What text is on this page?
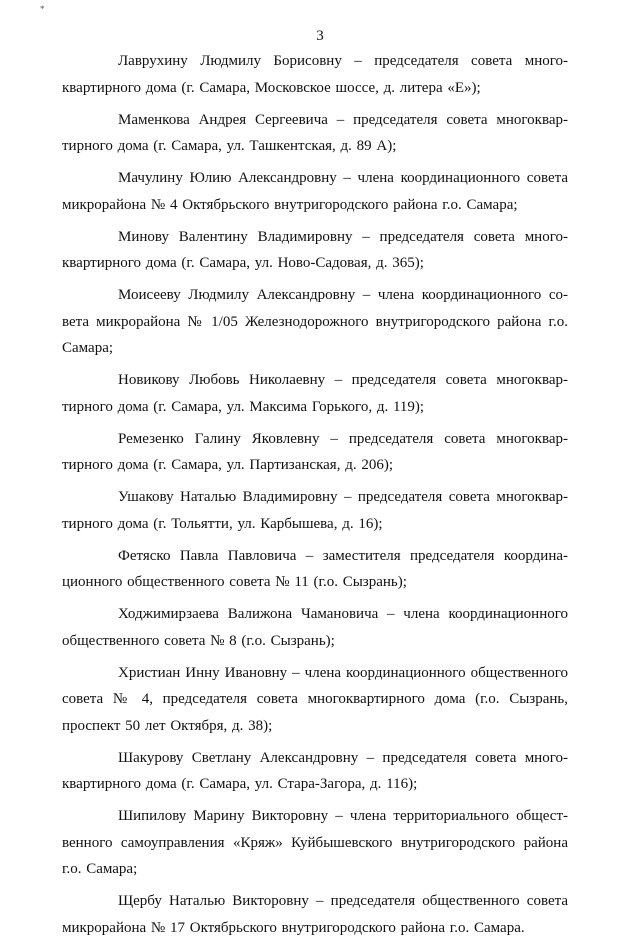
*
3

Лаврухину Людмилу Борисовну – председателя совета много-квартирного дома (г. Самара, Московское шоссе, д. литера «Е»);

Маменкова Андрея Сергеевича – председателя совета многоквар-тирного дома (г. Самара, ул. Ташкентская, д. 89 А);

Мачулину Юлию Александровну – члена координационного совета микрорайона № 4 Октябрьского внутригородского района г.о. Самара;

Минову Валентину Владимировну – председателя совета много-квартирного дома (г. Самара, ул. Ново-Садовая, д. 365);

Моисееву Людмилу Александровну – члена координационного со-вета микрорайона № 1/05 Железнодорожного внутригородского района г.о. Самара;

Новикову Любовь Николаевну – председателя совета многоквар-тирного дома (г. Самара, ул. Максима Горького, д. 119);

Ремезенко Галину Яковлевну – председателя совета многоквар-тирного дома (г. Самара, ул. Партизанская, д. 206);

Ушакову Наталью Владимировну – председателя совета многоквар-тирного дома (г. Тольятти, ул. Карбышева, д. 16);

Фетяско Павла Павловича – заместителя председателя координа-ционного общественного совета № 11 (г.о. Сызрань);

Ходжимирзаева Валижона Чамановича – члена координационного общественного совета № 8 (г.о. Сызрань);

Христиан Инну Ивановну – члена координационного общественного совета № 4, председателя совета многоквартирного дома (г.о. Сызрань, проспект 50 лет Октября, д. 38);

Шакурову Светлану Александровну – председателя совета много-квартирного дома (г. Самара, ул. Стара-Загора, д. 116);

Шипилову Марину Викторовну – члена территориального общест-венного самоуправления «Кряж» Куйбышевского внутригородского района г.о. Самара;

Щербу Наталью Викторовну – председателя общественного совета микрорайона № 17 Октябрьского внутригородского района г.о. Самара.
